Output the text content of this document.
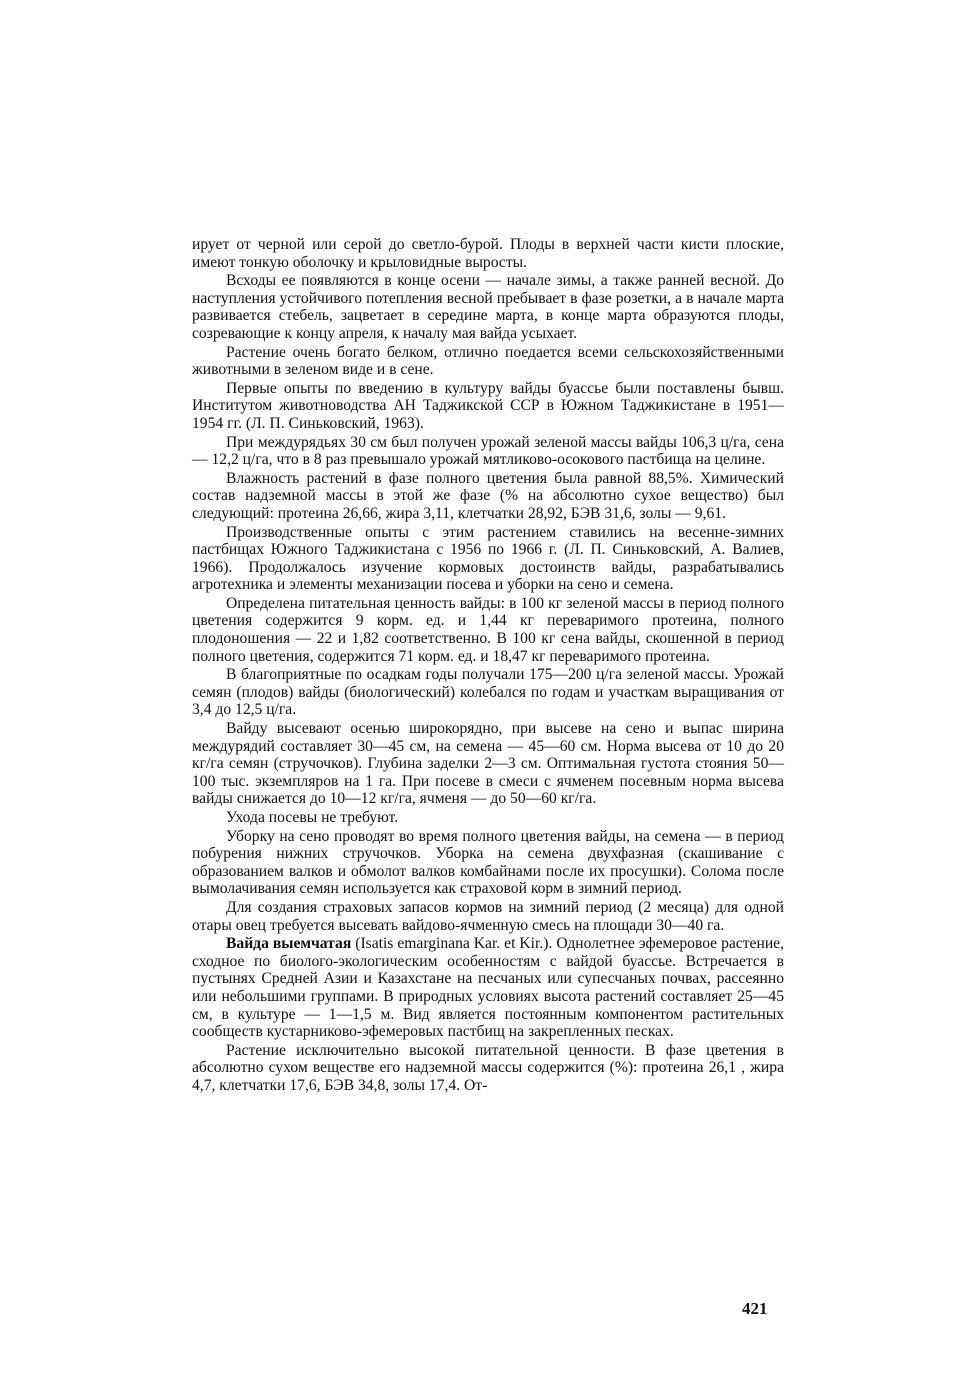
ирует от черной или серой до светло-бурой. Плоды в верхней части кисти плоские, имеют тонкую оболочку и крыловидные выросты.

Всходы ее появляются в конце осени — начале зимы, а также ранней весной. До наступления устойчивого потепления весной пребывает в фазе розетки, а в начале марта развивается стебель, зацветает в середине марта, в конце марта образуются плоды, созревающие к концу апреля, к началу мая вайда усыхает.

Растение очень богато белком, отлично поедается всеми сельскохозяйственными животными в зеленом виде и в сене.

Первые опыты по введению в культуру вайды буассье были поставлены бывш. Институтом животноводства АН Таджикской ССР в Южном Таджикистане в 1951—1954 гг. (Л. П. Синьковский, 1963).

При междурядьях 30 см был получен урожай зеленой массы вайды 106,3 ц/га, сена — 12,2 ц/га, что в 8 раз превышало урожай мятликово-осокового пастбища на целине.

Влажность растений в фазе полного цветения была равной 88,5%. Химический состав надземной массы в этой же фазе (% на абсолютно сухое вещество) был следующий: протеина 26,66, жира 3,11, клетчатки 28,92, БЭВ 31,6, золы — 9,61.

Производственные опыты с этим растением ставились на весенне-зимних пастбищах Южного Таджикистана с 1956 по 1966 г. (Л. П. Синьковский, А. Валиев, 1966). Продолжалось изучение кормовых достоинств вайды, разрабатывались агротехника и элементы механизации посева и уборки на сено и семена.

Определена питательная ценность вайды: в 100 кг зеленой массы в период полного цветения содержится 9 корм. ед. и 1,44 кг переваримого протеина, полного плодоношения — 22 и 1,82 соответственно. В 100 кг сена вайды, скошенной в период полного цветения, содержится 71 корм. ед. и 18,47 кг переваримого протеина.

В благоприятные по осадкам годы получали 175—200 ц/га зеленой массы. Урожай семян (плодов) вайды (биологический) колебался по годам и участкам выращивания от 3,4 до 12,5 ц/га.

Вайду высевают осенью широкорядно, при высеве на сено и выпас ширина междурядий составляет 30—45 см, на семена — 45—60 см. Норма высева от 10 до 20 кг/га семян (стручочков). Глубина заделки 2—3 см. Оптимальная густота стояния 50—100 тыс. экземпляров на 1 га. При посеве в смеси с ячменем посевным норма высева вайды снижается до 10—12 кг/га, ячменя — до 50—60 кг/га.

Ухода посевы не требуют.

Уборку на сено проводят во время полного цветения вайды, на семена — в период побурения нижних стручочков. Уборка на семена двухфазная (скашивание с образованием валков и обмолот валков комбайнами после их просушки). Солома после вымолачивания семян используется как страховой корм в зимний период.

Для создания страховых запасов кормов на зимний период (2 месяца) для одной отары овец требуется высевать вайдово-ячменную смесь на площади 30—40 га.

Вайда выемчатая (Isatis emarginana Kar. et Kir.). Однолетнее эфемеровое растение, сходное по биолого-экологическим особенностям с вайдой буассье. Встречается в пустынях Средней Азии и Казахстане на песчаных или супесчаных почвах, рассеянно или небольшими группами. В природных условиях высота растений составляет 25—45 см, в культуре — 1—1,5 м. Вид является постоянным компонентом растительных сообществ кустарниково-эфемеровых пастбищ на закрепленных песках.

Растение исключительно высокой питательной ценности. В фазе цветения в абсолютно сухом веществе его надземной массы содержится (%): протеина 26,1 , жира 4,7, клетчатки 17,6, БЭВ 34,8, золы 17,4. От-

421
